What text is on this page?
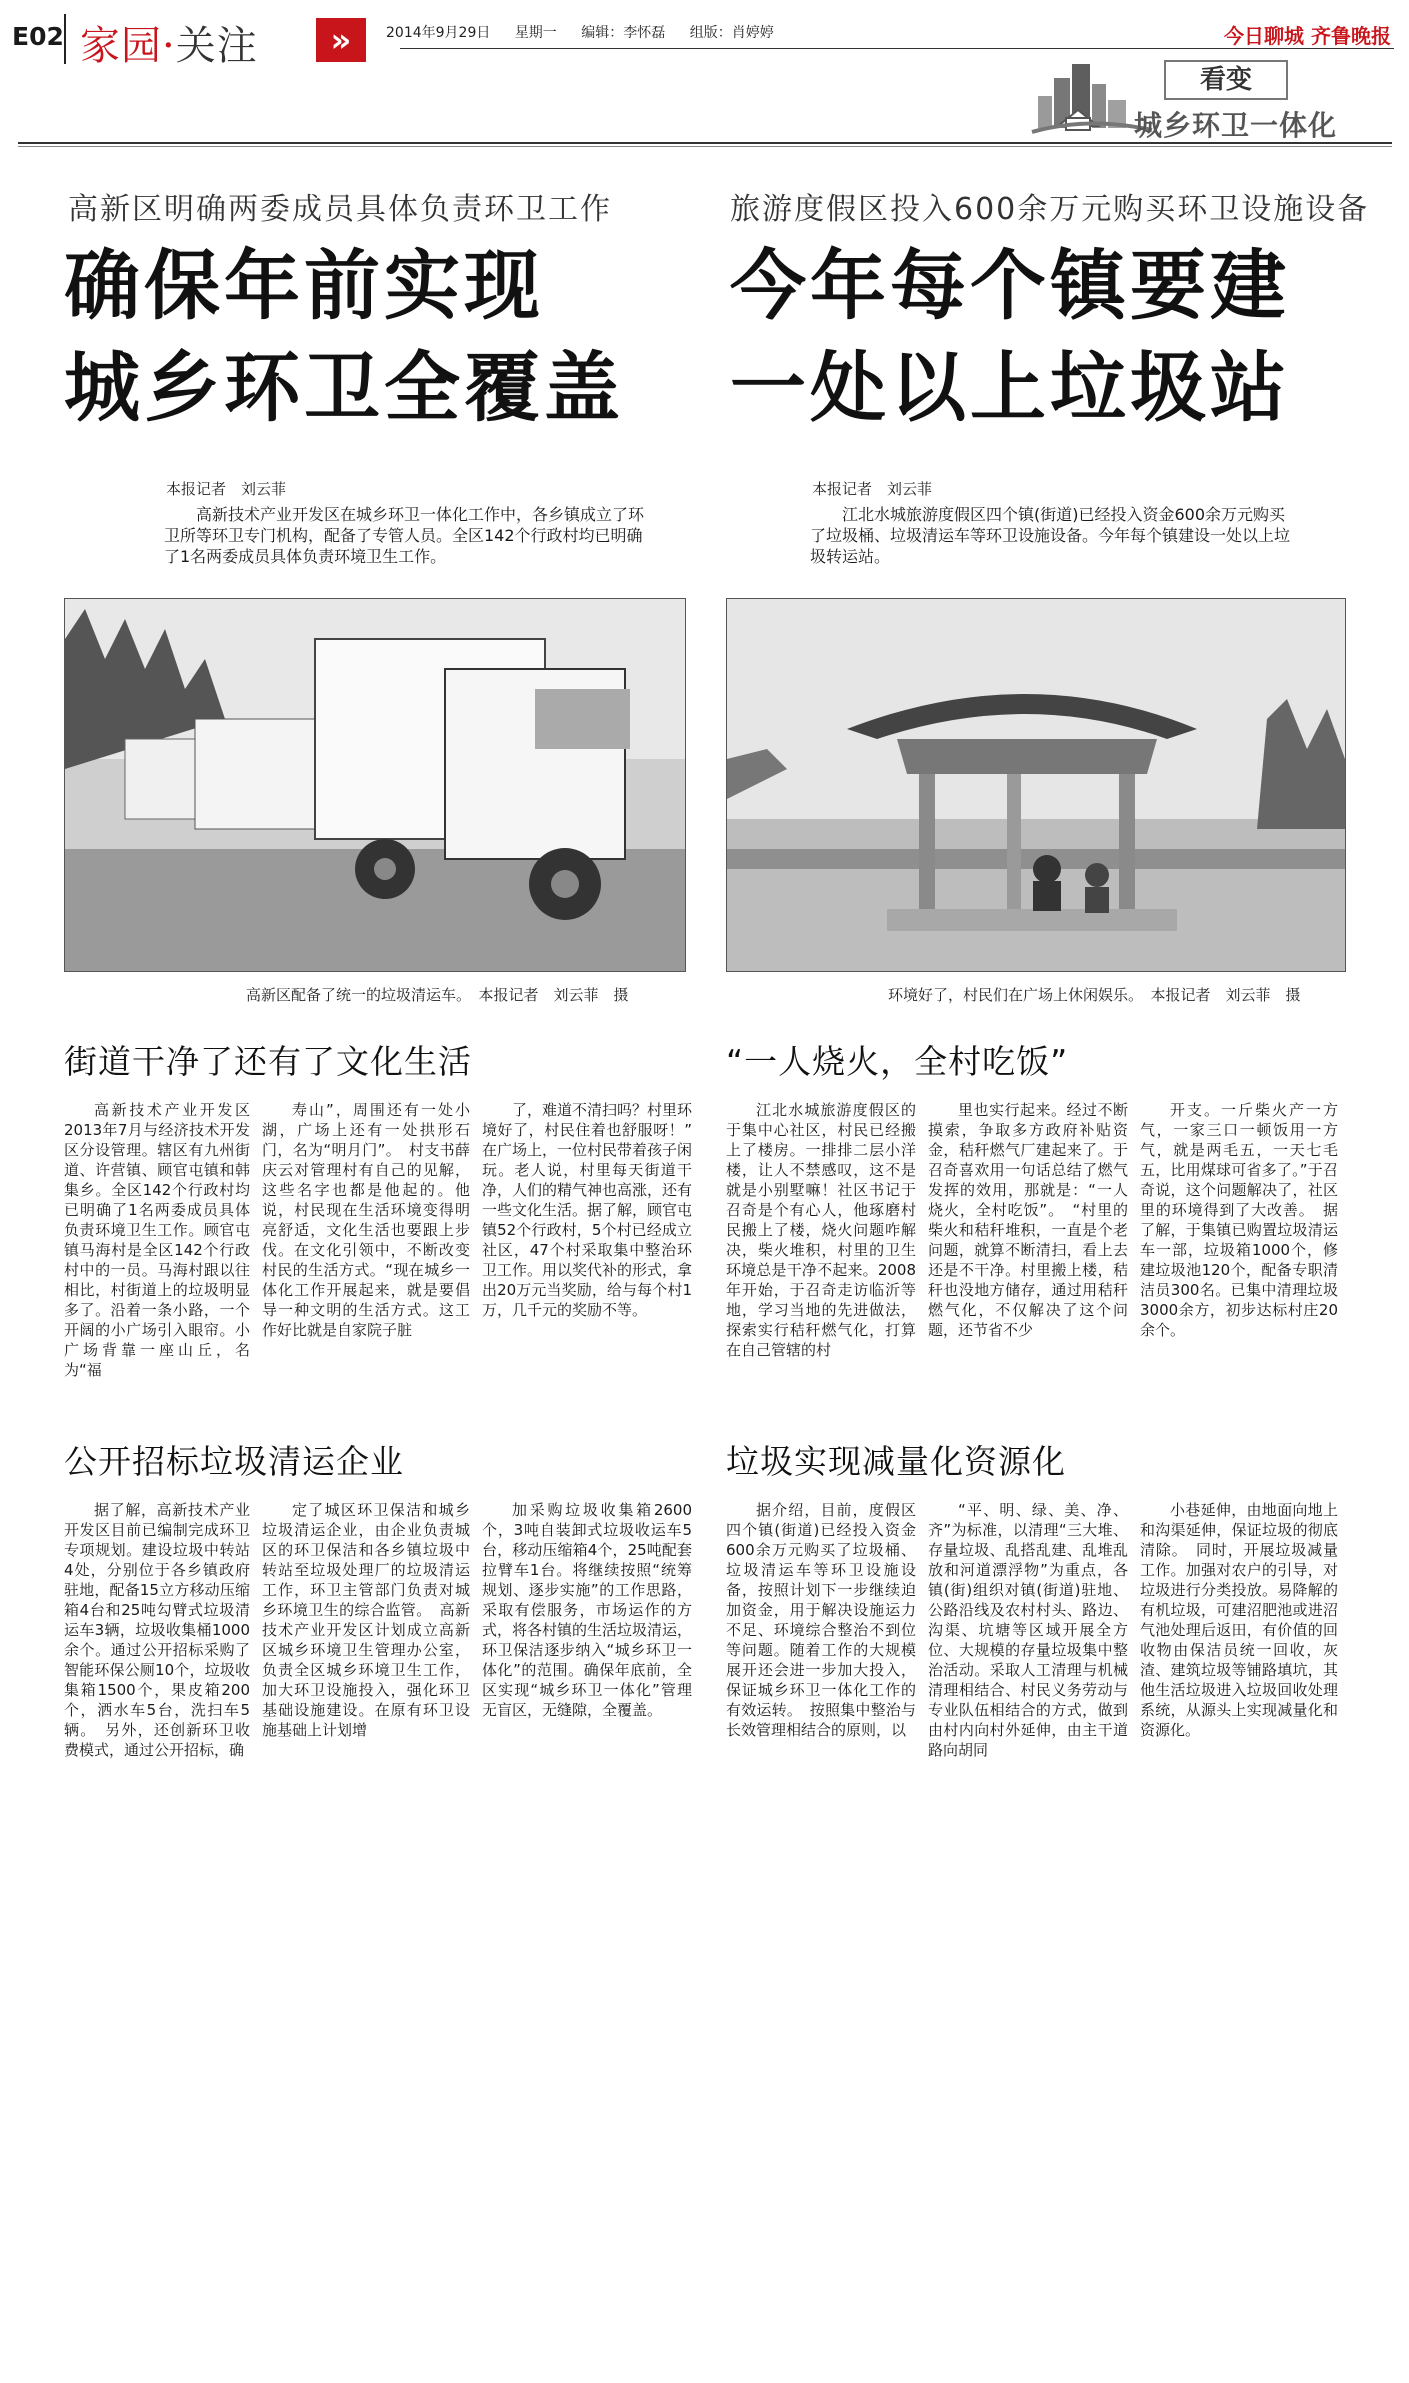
E02 家园·关注	»	2014年9月29日 星期一 编辑：李怀磊 组版：肖婷婷	今日聊城 齐鲁晚报
看变
城乡环卫一体化
高新区明确两委成员具体负责环卫工作
确保年前实现
城乡环卫全覆盖
本报记者　刘云菲
高新技术产业开发区在城乡环卫一体化工作中，各乡镇成立了环卫所等环卫专门机构，配备了专管人员。全区142个行政村均已明确了1名两委成员具体负责环境卫生工作。
旅游度假区投入600余万元购买环卫设施设备
今年每个镇要建
一处以上垃圾站
本报记者　刘云菲
江北水城旅游度假区四个镇(街道)已经投入资金600余万元购买了垃圾桶、垃圾清运车等环卫设施设备。今年每个镇建设一处以上垃圾转运站。
高新区配备了统一的垃圾清运车。　本报记者　刘云菲　摄	环境好了，村民们在广场上休闲娱乐。　本报记者　刘云菲　摄
街道干净了还有了文化生活

高新技术产业开发区2013年7月与经济技术开发区分设管理。辖区有九州街道、许营镇、顾官屯镇和韩集乡。全区142个行政村均已明确了1名两委成员具体负责环境卫生工作。顾官屯镇马海村是全区142个行政村中的一员。马海村跟以往相比，村街道上的垃圾明显多了。沿着一条小路，一个开阔的小广场引入眼帘。小广场背靠一座山丘，名为“福

寿山”，周围还有一处小湖，广场上还有一处拱形石门，名为“明月门”。　村支书薛庆云对管理村有自己的见解，这些名字也都是他起的。他说，村民现在生活环境变得明亮舒适，文化生活也要跟上步伐。在文化引领中，不断改变村民的生活方式。“现在城乡一体化工作开展起来，就是要倡导一种文明的生活方式。这工作好比就是自家院子脏

了，难道不清扫吗？村里环境好了，村民住着也舒服呀！”　在广场上，一位村民带着孩子闲玩。老人说，村里每天街道干净，人们的精气神也高涨，还有一些文化生活。据了解，顾官屯镇52个行政村，5个村已经成立社区，47个村采取集中整治环卫工作。用以奖代补的形式，拿出20万元当奖励，给与每个村1万，几千元的奖励不等。

“一人烧火，全村吃饭”

江北水城旅游度假区的于集中心社区，村民已经搬上了楼房。一排排二层小洋楼，让人不禁感叹，这不是就是小别墅嘛！社区书记于召奇是个有心人，他琢磨村民搬上了楼，烧火问题咋解决，柴火堆积，村里的卫生环境总是干净不起来。2008年开始，于召奇走访临沂等地，学习当地的先进做法，探索实行秸秆燃气化，打算在自己管辖的村

里也实行起来。经过不断摸索，争取多方政府补贴资金，秸秆燃气厂建起来了。于召奇喜欢用一句话总结了燃气发挥的效用，那就是：“一人烧火，全村吃饭”。　“村里的柴火和秸秆堆积，一直是个老问题，就算不断清扫，看上去还是不干净。村里搬上楼，秸秆也没地方储存，通过用秸秆燃气化，不仅解决了这个问题，还节省不少

开支。一斤柴火产一方气，一家三口一顿饭用一方气，就是两毛五，一天七毛五，比用煤球可省多了。”于召奇说，这个问题解决了，社区里的环境得到了大改善。　据了解，于集镇已购置垃圾清运车一部，垃圾箱1000个，修建垃圾池120个，配备专职清洁员300名。已集中清理垃圾3000余方，初步达标村庄20余个。

公开招标垃圾清运企业

据了解，高新技术产业开发区目前已编制完成环卫专项规划。建设垃圾中转站4处，分别位于各乡镇政府驻地，配备15立方移动压缩箱4台和25吨勾臂式垃圾清运车3辆，垃圾收集桶1000余个。通过公开招标采购了智能环保公厕10个，垃圾收集箱1500个，果皮箱200个，洒水车5台，洗扫车5辆。　另外，还创新环卫收费模式，通过公开招标，确

定了城区环卫保洁和城乡垃圾清运企业，由企业负责城区的环卫保洁和各乡镇垃圾中转站至垃圾处理厂的垃圾清运工作，环卫主管部门负责对城乡环境卫生的综合监管。　高新技术产业开发区计划成立高新区城乡环境卫生管理办公室，负责全区城乡环境卫生工作，加大环卫设施投入，强化环卫基础设施建设。在原有环卫设施基础上计划增

加采购垃圾收集箱2600个，3吨自装卸式垃圾收运车5台，移动压缩箱4个，25吨配套拉臂车1台。将继续按照“统筹规划、逐步实施”的工作思路，采取有偿服务，市场运作的方式，将各村镇的生活垃圾清运，环卫保洁逐步纳入“城乡环卫一体化”的范围。确保年底前，全区实现“城乡环卫一体化”管理无盲区，无缝隙，全覆盖。

垃圾实现减量化资源化

据介绍，目前，度假区四个镇(街道)已经投入资金600余万元购买了垃圾桶、垃圾清运车等环卫设施设备，按照计划下一步继续迫加资金，用于解决设施运力不足、环境综合整治不到位等问题。随着工作的大规模展开还会进一步加大投入，保证城乡环卫一体化工作的有效运转。　按照集中整治与长效管理相结合的原则，以

“平、明、绿、美、净、齐”为标准，以清理“三大堆、存量垃圾、乱搭乱建、乱堆乱放和河道漂浮物”为重点，各镇(街)组织对镇(街道)驻地、公路沿线及农村村头、路边、沟渠、坑塘等区域开展全方位、大规模的存量垃圾集中整治活动。采取人工清理与机械清理相结合、村民义务劳动与专业队伍相结合的方式，做到由村内向村外延伸，由主干道路向胡同

小巷延伸，由地面向地上和沟渠延伸，保证垃圾的彻底清除。　同时，开展垃圾减量工作。加强对农户的引导，对垃圾进行分类投放。易降解的有机垃圾，可建沼肥池或进沼气池处理后返田，有价值的回收物由保洁员统一回收，灰渣、建筑垃圾等铺路填坑，其他生活垃圾进入垃圾回收处理系统，从源头上实现减量化和资源化。
